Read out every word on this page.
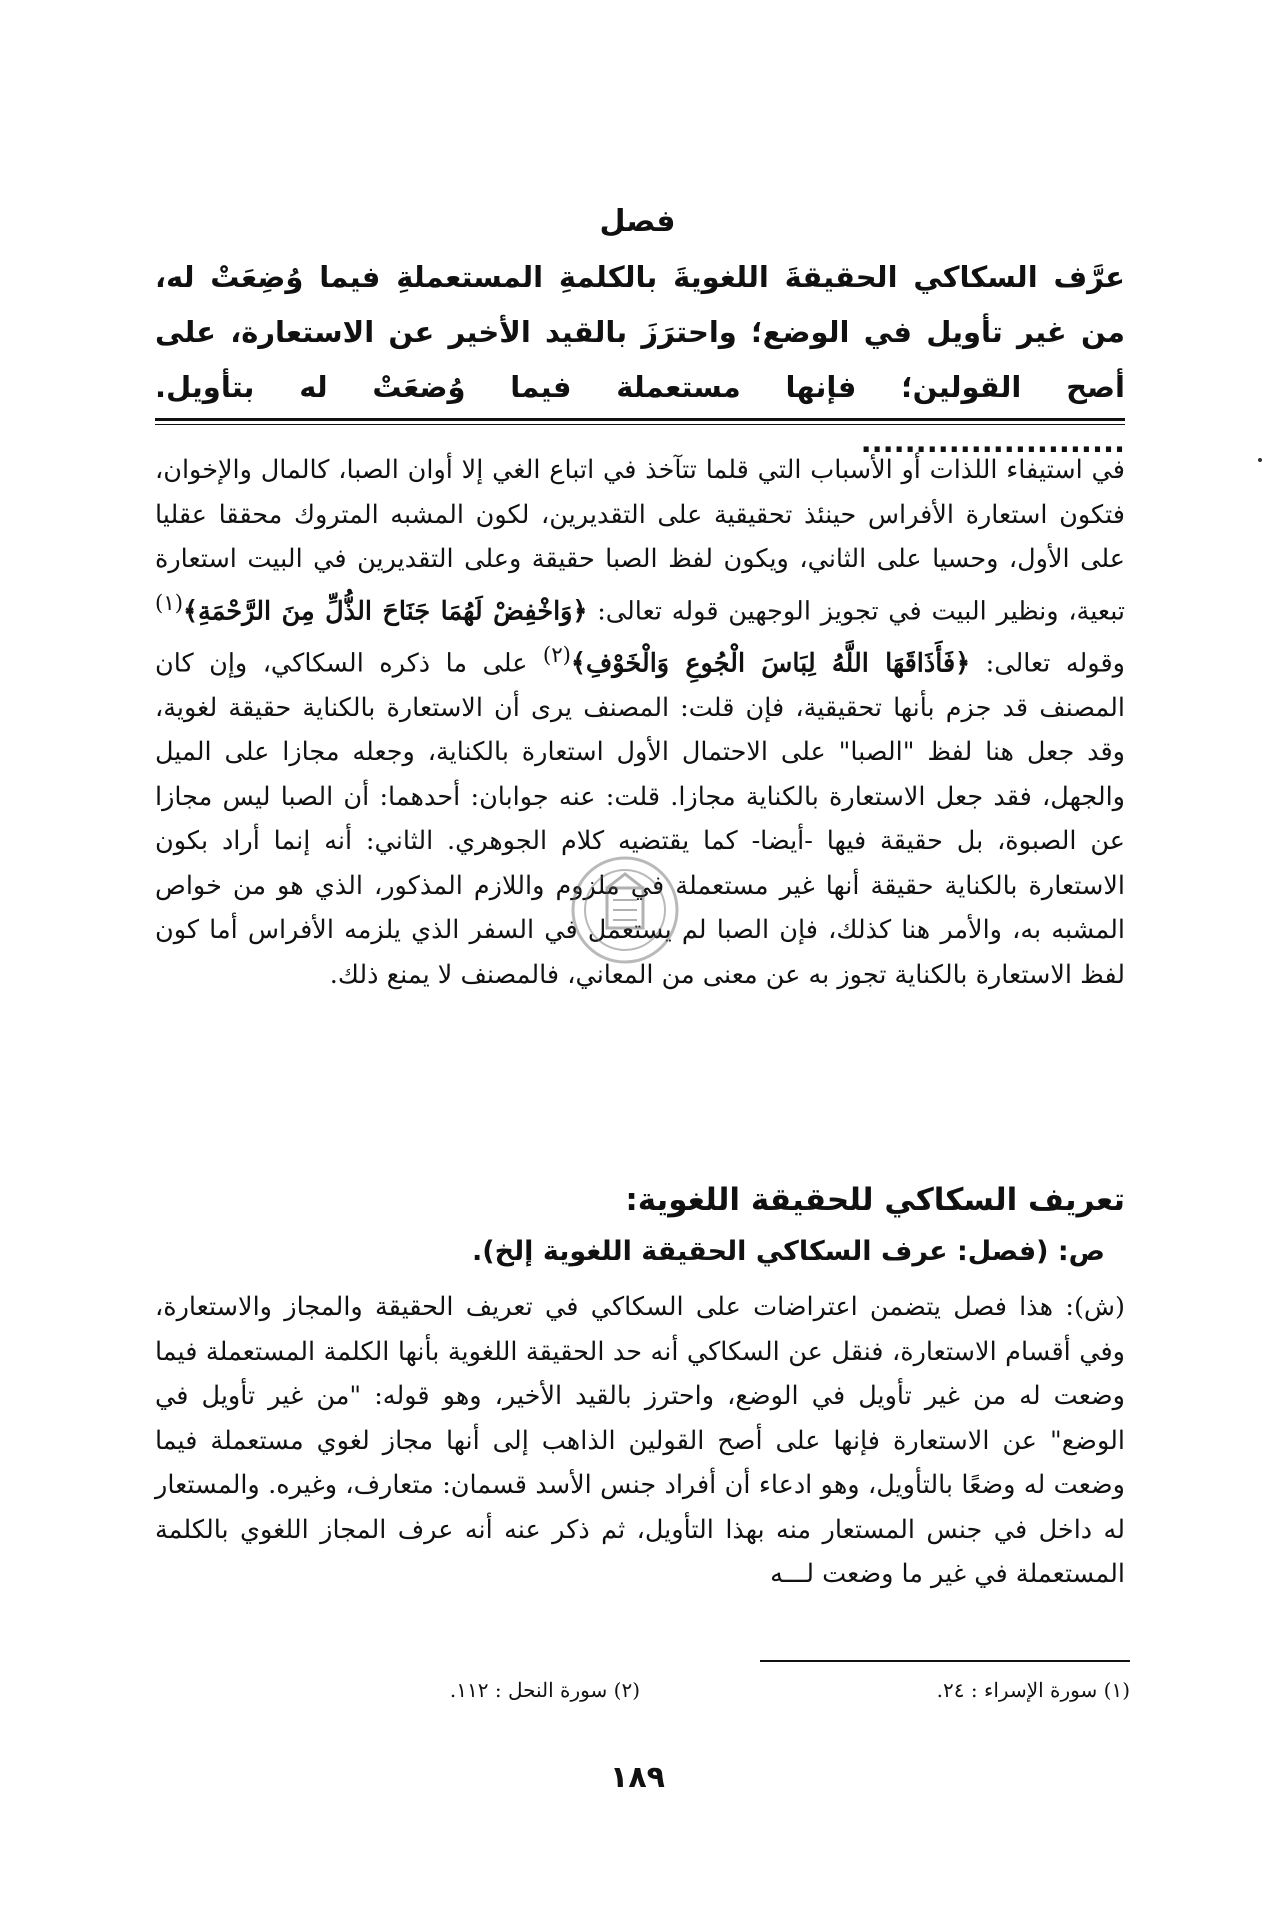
فصل
عرَّف السكاكي الحقيقةَ اللغويةَ بالكلمةِ المستعملةِ فيما وُضِعَتْ له، من غير تأويل في الوضع؛ واحترَزَ بالقيد الأخير عن الاستعارة، على أصح القولين؛ فإنها مستعملة فيما وُضعَتْ له بتأويل. ........................
في استيفاء اللذات أو الأسباب التي قلما تتآخذ في اتباع الغي إلا أوان الصبا، كالمال والإخوان، فتكون استعارة الأفراس حينئذ تحقيقية على التقديرين، لكون المشبه المتروك محققا عقليا على الأول، وحسيا على الثاني، ويكون لفظ الصبا حقيقة وعلى التقديرين في البيت استعارة تبعية، ونظير البيت في تجويز الوجهين قوله تعالى: ﴿وَاخْفِضْ لَهُمَا جَنَاحَ الذُّلِّ مِنَ الرَّحْمَةِ﴾$^{(١)}$ وقوله تعالى: ﴿فَأَذَاقَهَا اللَّهُ لِبَاسَ الْجُوعِ وَالْخَوْفِ﴾$^{(٢)}$ على ما ذكره السكاكي، وإن كان المصنف قد جزم بأنها تحقيقية، فإن قلت: المصنف يرى أن الاستعارة بالكناية حقيقة لغوية، وقد جعل هنا لفظ "الصبا" على الاحتمال الأول استعارة بالكناية، وجعله مجازا على الميل والجهل، فقد جعل الاستعارة بالكناية مجازا. قلت: عنه جوابان: أحدهما: أن الصبا ليس مجازا عن الصبوة، بل حقيقة فيها -أيضا- كما يقتضيه كلام الجوهري. الثاني: أنه إنما أراد بكون الاستعارة بالكناية حقيقة أنها غير مستعملة في ملزوم واللازم المذكور، الذي هو من خواص المشبه به، والأمر هنا كذلك، فإن الصبا لم يستعمل في السفر الذي يلزمه الأفراس أما كون لفظ الاستعارة بالكناية تجوز به عن معنى من المعاني، فالمصنف لا يمنع ذلك.
تعريف السكاكي للحقيقة اللغوية:
ص: (فصل: عرف السكاكي الحقيقة اللغوية إلخ).
(ش): هذا فصل يتضمن اعتراضات على السكاكي في تعريف الحقيقة والمجاز والاستعارة، وفي أقسام الاستعارة، فنقل عن السكاكي أنه حد الحقيقة اللغوية بأنها الكلمة المستعملة فيما وضعت له من غير تأويل في الوضع، واحترز بالقيد الأخير، وهو قوله: "من غير تأويل في الوضع" عن الاستعارة فإنها على أصح القولين الذاهب إلى أنها مجاز لغوي مستعملة فيما وضعت له وضعًا بالتأويل، وهو ادعاء أن أفراد جنس الأسد قسمان: متعارف، وغيره. والمستعار له داخل في جنس المستعار منه بهذا التأويل، ثم ذكر عنه أنه عرف المجاز اللغوي بالكلمة المستعملة في غير ما وضعت لـــه
(١) سورة الإسراء : ٢٤.
(٢) سورة النحل : ١١٢.
١٨٩
